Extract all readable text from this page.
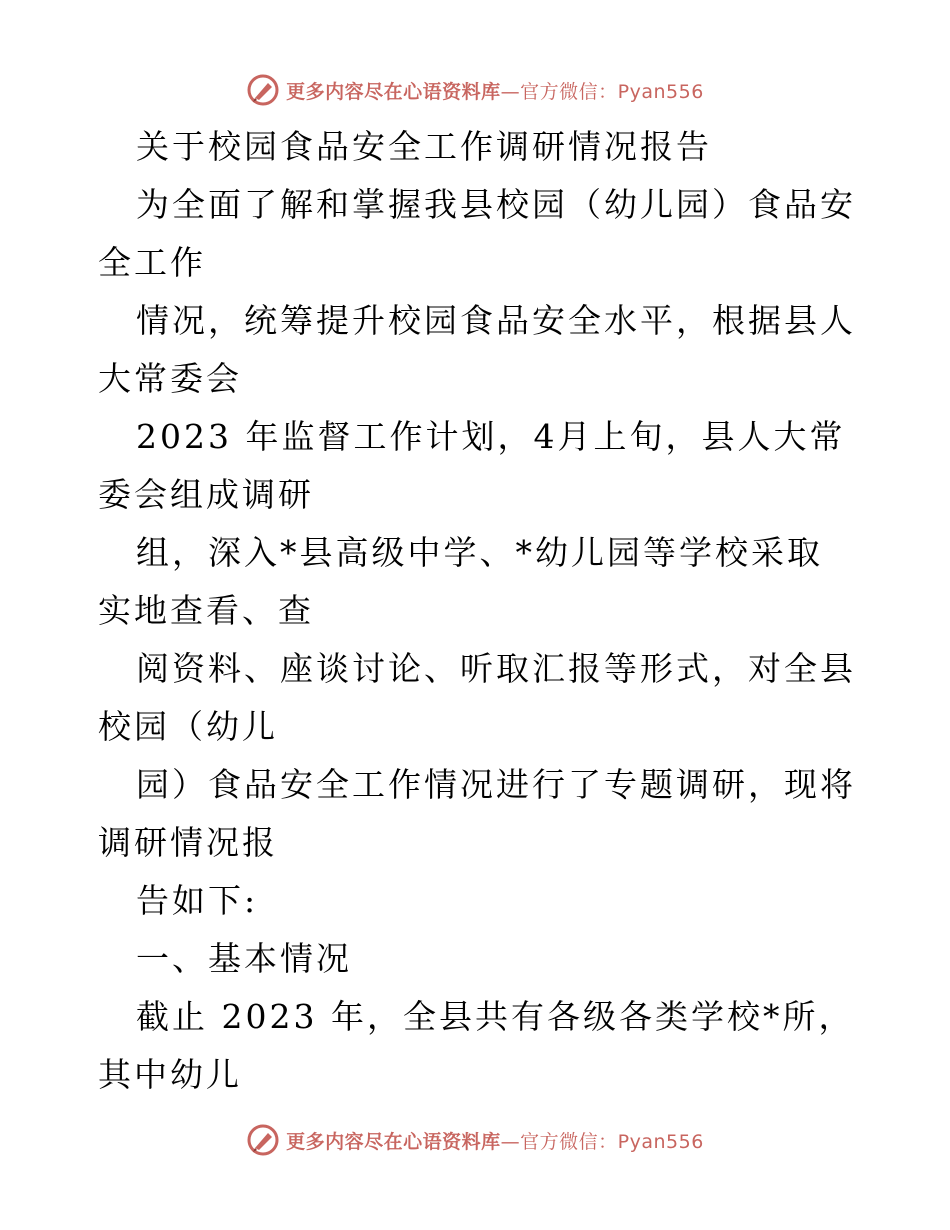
更多内容尽在心语资料库—官方微信：Pyan556

关于校园食品安全工作调研情况报告

为全面了解和掌握我县校园（幼儿园）食品安全工作

情况，统筹提升校园食品安全水平，根据县人大常委会

2023 年监督工作计划，4月上旬，县人大常委会组成调研

组，深入*县高级中学、*幼儿园等学校采取实地查看、查

阅资料、座谈讨论、听取汇报等形式，对全县校园（幼儿

园）食品安全工作情况进行了专题调研，现将调研情况报

告如下:

一、基本情况

截止 2023 年，全县共有各级各类学校*所，其中幼儿

更多内容尽在心语资料库—官方微信：Pyan556
